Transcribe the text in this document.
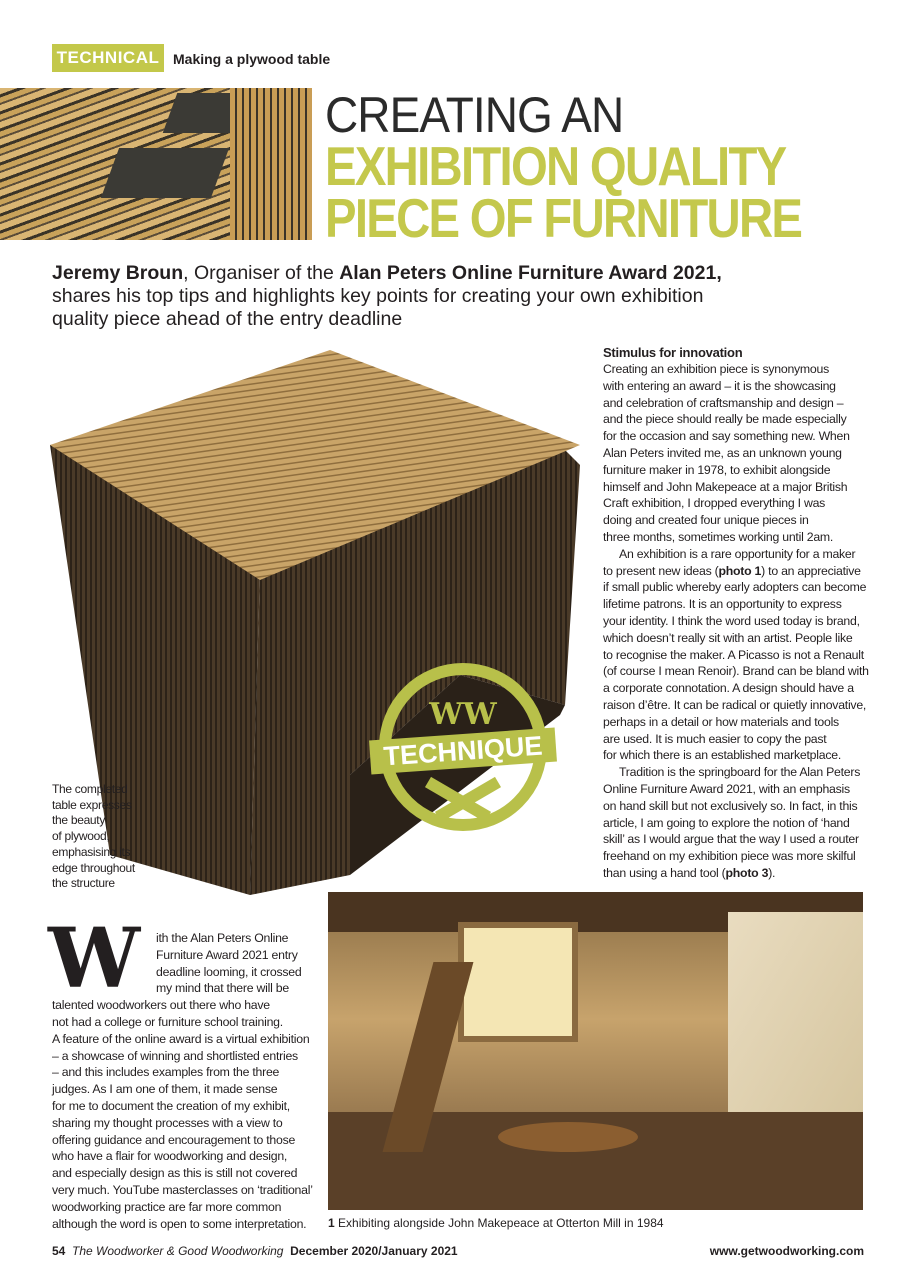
TECHNICAL Making a plywood table
CREATING AN
EXHIBITION QUALITY
PIECE OF FURNITURE
Jeremy Broun, Organiser of the Alan Peters Online Furniture Award 2021,
shares his top tips and highlights key points for creating your own exhibition
quality piece ahead of the entry deadline
WW
TECHNIQUE
The completed
table expresses
the beauty
of plywood,
emphasising its
edge throughout
the structure
Stimulus for innovation
Creating an exhibition piece is synonymous
with entering an award – it is the showcasing
and celebration of craftsmanship and design –
and the piece should really be made especially
for the occasion and say something new. When
Alan Peters invited me, as an unknown young
furniture maker in 1978, to exhibit alongside
himself and John Makepeace at a major British
Craft exhibition, I dropped everything I was
doing and created four unique pieces in
three months, sometimes working until 2am.
An exhibition is a rare opportunity for a maker
to present new ideas (photo 1) to an appreciative
if small public whereby early adopters can become
lifetime patrons. It is an opportunity to express
your identity. I think the word used today is brand,
which doesn’t really sit with an artist. People like
to recognise the maker. A Picasso is not a Renault
(of course I mean Renoir). Brand can be bland with
a corporate connotation. A design should have a
raison d’être. It can be radical or quietly innovative,
perhaps in a detail or how materials and tools
are used. It is much easier to copy the past
for which there is an established marketplace.
Tradition is the springboard for the Alan Peters
Online Furniture Award 2021, with an emphasis
on hand skill but not exclusively so. In fact, in this
article, I am going to explore the notion of ‘hand
skill’ as I would argue that the way I used a router
freehand on my exhibition piece was more skilful
than using a hand tool (photo 3).
W	ith the Alan Peters Online
Furniture Award 2021 entry
deadline looming, it crossed
my mind that there will be
talented woodworkers out there who have
not had a college or furniture school training.
A feature of the online award is a virtual exhibition
– a showcase of winning and shortlisted entries
– and this includes examples from the three
judges. As I am one of them, it made sense
for me to document the creation of my exhibit,
sharing my thought processes with a view to
offering guidance and encouragement to those
who have a flair for woodworking and design,
and especially design as this is still not covered
very much. YouTube masterclasses on ‘traditional’
woodworking practice are far more common
although the word is open to some interpretation.	1 Exhibiting alongside John Makepeace at Otterton Mill in 1984
54 The Woodworker & Good Woodworking December 2020/January 2021	www.getwoodworking.com
